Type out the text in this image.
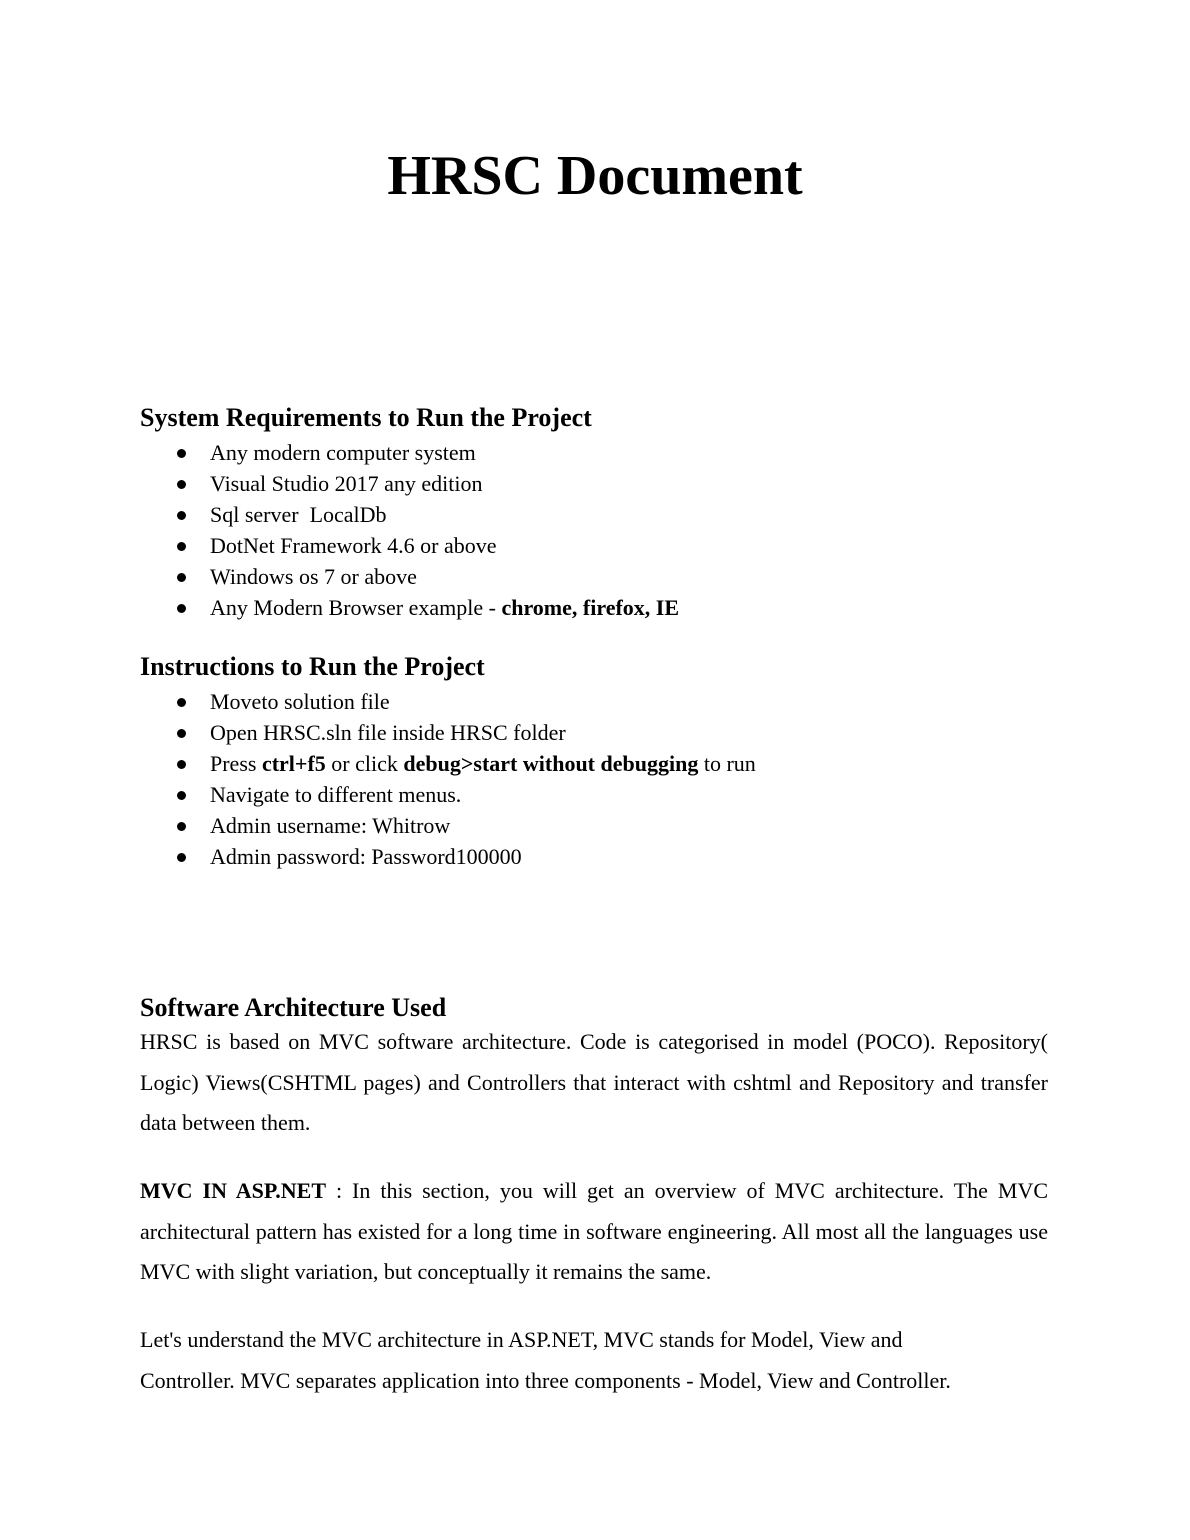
HRSC Document
System Requirements to Run the Project
Any modern computer system
Visual Studio 2017 any edition
Sql server  LocalDb
DotNet Framework 4.6 or above
Windows os 7 or above
Any Modern Browser example - chrome, firefox, IE
Instructions to Run the Project
Moveto solution file
Open HRSC.sln file inside HRSC folder
Press ctrl+f5 or click debug>start without debugging to run
Navigate to different menus.
Admin username: Whitrow
Admin password: Password100000
Software Architecture Used

HRSC is based on MVC software architecture. Code is categorised in model (POCO). Repository( Logic) Views(CSHTML pages) and Controllers that interact with cshtml and Repository and transfer data between them.

MVC IN ASP.NET : In this section, you will get an overview of MVC architecture. The MVC architectural pattern has existed for a long time in software engineering. All most all the languages use MVC with slight variation, but conceptually it remains the same.

Let's understand the MVC architecture in ASP.NET, MVC stands for Model, View and
Controller. MVC separates application into three components - Model, View and Controller.
